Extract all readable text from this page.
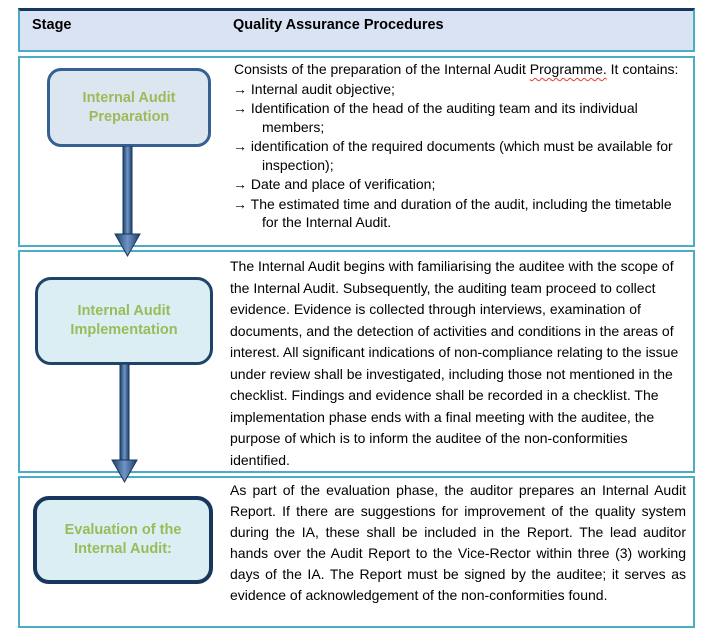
Stage	Quality Assurance Procedures
Internal Audit Preparation
Consists of the preparation of the Internal Audit Programme. It contains:
→ Internal audit objective;
→ Identification of the head of the auditing team and its individual members;
→ identification of the required documents (which must be available for inspection);
→ Date and place of verification;
→ The estimated time and duration of the audit, including the timetable for the Internal Audit.
Internal Audit Implementation
The Internal Audit begins with familiarising the auditee with the scope of the Internal Audit. Subsequently, the auditing team proceed to collect evidence. Evidence is collected through interviews, examination of documents, and the detection of activities and conditions in the areas of interest. All significant indications of non-compliance relating to the issue under review shall be investigated, including those not mentioned in the checklist. Findings and evidence shall be recorded in a checklist. The implementation phase ends with a final meeting with the auditee, the purpose of which is to inform the auditee of the non-conformities identified.
Evaluation of the Internal Audit:
As part of the evaluation phase, the auditor prepares an Internal Audit Report. If there are suggestions for improvement of the quality system during the IA, these shall be included in the Report. The lead auditor hands over the Audit Report to the Vice-Rector within three (3) working days of the IA. The Report must be signed by the auditee; it serves as evidence of acknowledgement of the non-conformities found.
